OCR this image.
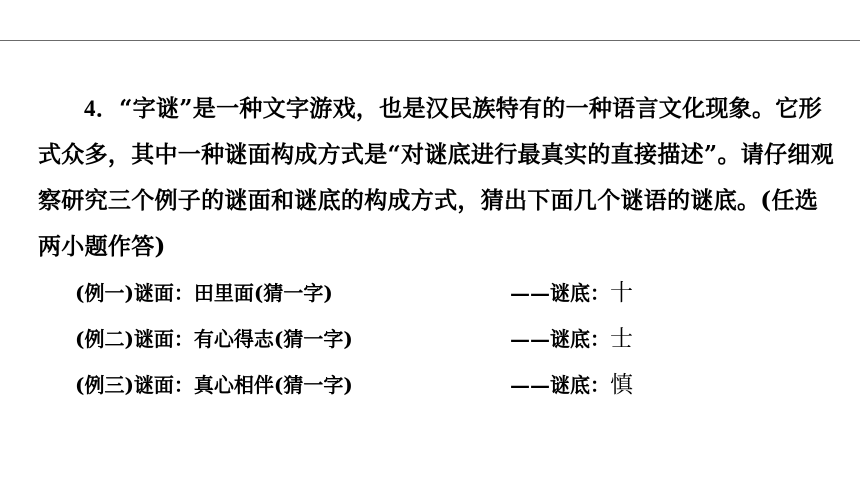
4．“字谜”是一种文字游戏，也是汉民族特有的一种语言文化现象。它形式众多，其中一种谜面构成方式是“对谜底进行最真实的直接描述”。请仔细观察研究三个例子的谜面和谜底的构成方式，猜出下面几个谜语的谜底。(任选两小题作答)

(例一)谜面：田里面(猜一字)	——谜底：十
(例二)谜面：有心得志(猜一字)	——谜底：士
(例三)谜面：真心相伴(猜一字)	——谜底：慎
